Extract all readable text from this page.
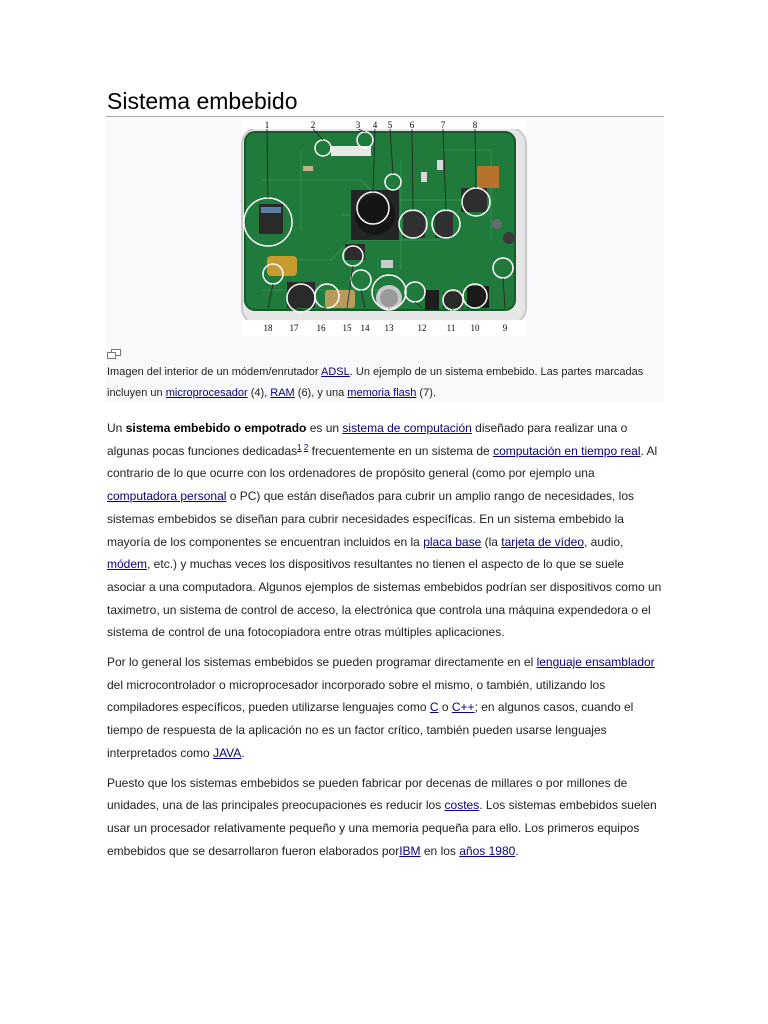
Sistema embebido
1	2	3 4 5 6	7	8
18 17 16 15 14 13	12 11 10	9
Imagen del interior de un módem/enrutador ADSL. Un ejemplo de un sistema embebido. Las partes marcadas incluyen un microprocesador (4), RAM (6), y una memoria flash (7).

Un sistema embebido o empotrado es un sistema de computación diseñado para realizar una o algunas pocas funciones dedicadas$^{1 2}$ frecuentemente en un sistema de computación en tiempo real. Al contrario de lo que ocurre con los ordenadores de propósito general (como por ejemplo una computadora personal o PC) que están diseñados para cubrir un amplio rango de necesidades, los sistemas embebidos se diseñan para cubrir necesidades específicas. En un sistema embebido la mayoría de los componentes se encuentran incluidos en la placa base (la tarjeta de vídeo, audio, módem, etc.) y muchas veces los dispositivos resultantes no tienen el aspecto de lo que se suele asociar a una computadora. Algunos ejemplos de sistemas embebidos podrían ser dispositivos como un taximetro, un sistema de control de acceso, la electrónica que controla una máquina expendedora o el sistema de control de una fotocopiadora entre otras múltiples aplicaciones.

Por lo general los sistemas embebidos se pueden programar directamente en el lenguaje ensamblador del microcontrolador o microprocesador incorporado sobre el mismo, o también, utilizando los compiladores específicos, pueden utilizarse lenguajes como C o C++; en algunos casos, cuando el tiempo de respuesta de la aplicación no es un factor crítico, también pueden usarse lenguajes interpretados como JAVA.

Puesto que los sistemas embebidos se pueden fabricar por decenas de millares o por millones de unidades, una de las principales preocupaciones es reducir los costes. Los sistemas embebidos suelen usar un procesador relativamente pequeño y una memoria pequeña para ello. Los primeros equipos embebidos que se desarrollaron fueron elaborados porIBM en los años 1980.
